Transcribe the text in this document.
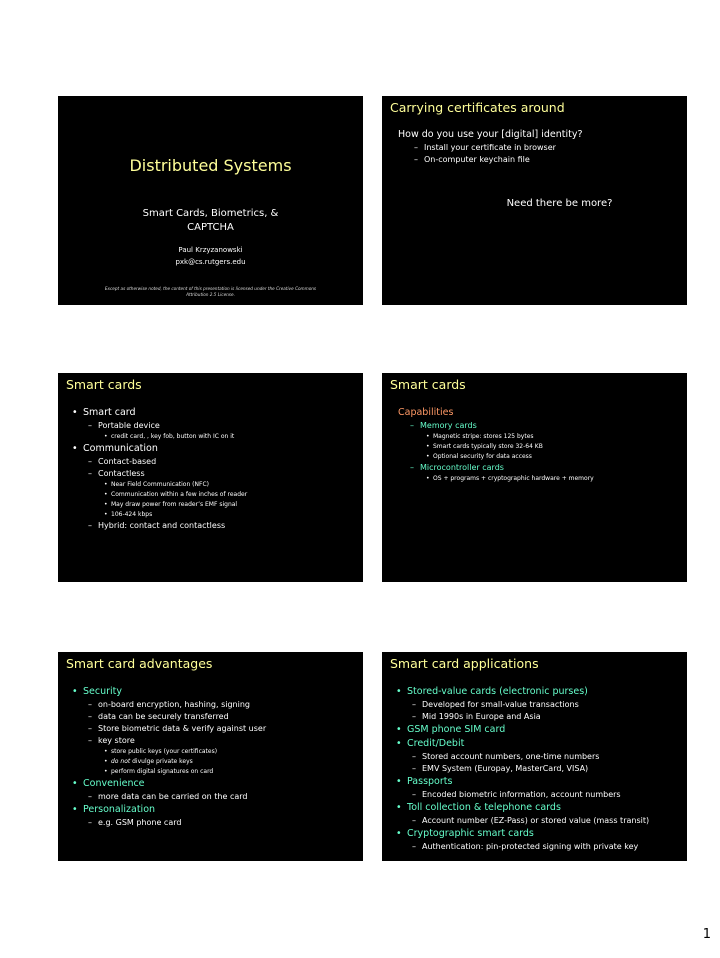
Distributed Systems
Smart Cards, Biometrics, &
CAPTCHA
Paul Krzyzanowski
pxk@cs.rutgers.edu
Except as otherwise noted, the content of this presentation is licensed under the Creative Commons
Attribution 2.5 License.
Carrying certificates around
How do you use your [digital] identity?
– Install your certificate in browser
– On-computer keychain file
Need there be more?
Smart cards
• Smart card
– Portable device
• credit card, , key fob, button with IC on it
• Communication
– Contact-based
– Contactless
• Near Field Communication (NFC)
• Communication within a few inches of reader
• May draw power from reader’s EMF signal
• 106-424 kbps
– Hybrid: contact and contactless
Smart cards
Capabilities
– Memory cards
• Magnetic stripe: stores 125 bytes
• Smart cards typically store 32-64 KB
• Optional security for data access
– Microcontroller cards
• OS + programs + cryptographic hardware + memory
Smart card advantages
• Security
– on-board encryption, hashing, signing
– data can be securely transferred
– Store biometric data & verify against user
– key store
• store public keys (your certificates)
• do not divulge private keys
• perform digital signatures on card
• Convenience
– more data can be carried on the card
• Personalization
– e.g. GSM phone card
Smart card applications
• Stored-value cards (electronic purses)
– Developed for small-value transactions
– Mid 1990s in Europe and Asia
• GSM phone SIM card
• Credit/Debit
– Stored account numbers, one-time numbers
– EMV System (Europay, MasterCard, VISA)
• Passports
– Encoded biometric information, account numbers
• Toll collection & telephone cards
– Account number (EZ-Pass) or stored value (mass transit)
• Cryptographic smart cards
– Authentication: pin-protected signing with private key
1
